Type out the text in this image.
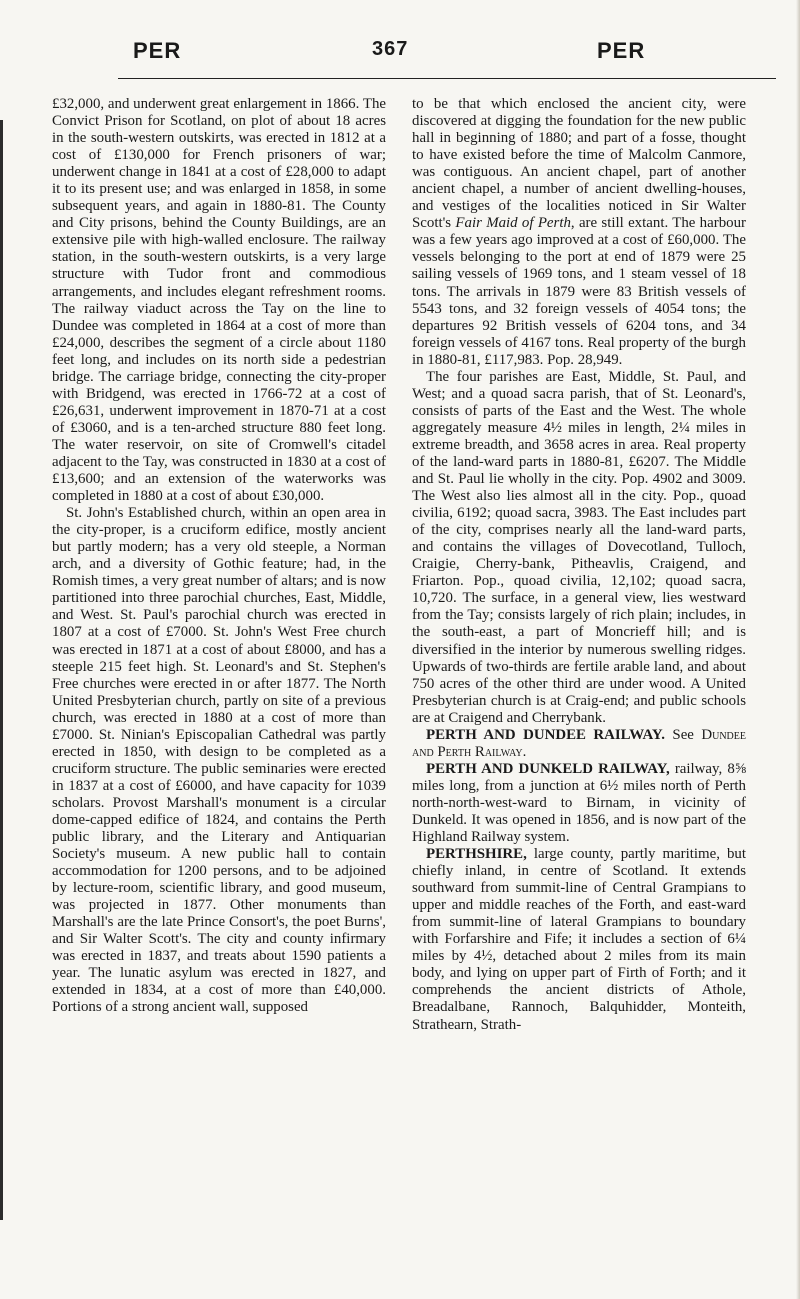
PER	367	PER

£32,000, and underwent great enlargement in 1866. The Convict Prison for Scotland, on plot of about 18 acres in the south-western outskirts, was erected in 1812 at a cost of £130,000 for French prisoners of war; underwent change in 1841 at a cost of £28,000 to adapt it to its present use; and was enlarged in 1858, in some subsequent years, and again in 1880-81. The County and City prisons, behind the County Buildings, are an extensive pile with high-walled enclosure. The railway station, in the south-western outskirts, is a very large structure with Tudor front and commodious arrangements, and includes elegant refreshment rooms. The railway viaduct across the Tay on the line to Dundee was completed in 1864 at a cost of more than £24,000, describes the segment of a circle about 1180 feet long, and includes on its north side a pedestrian bridge. The carriage bridge, connecting the city-proper with Bridgend, was erected in 1766-72 at a cost of £26,631, underwent improvement in 1870-71 at a cost of £3060, and is a ten-arched structure 880 feet long. The water reservoir, on site of Cromwell's citadel adjacent to the Tay, was constructed in 1830 at a cost of £13,600; and an extension of the waterworks was completed in 1880 at a cost of about £30,000.

St. John's Established church, within an open area in the city-proper, is a cruciform edifice, mostly ancient but partly modern; has a very old steeple, a Norman arch, and a diversity of Gothic feature; had, in the Romish times, a very great number of altars; and is now partitioned into three parochial churches, East, Middle, and West. St. Paul's parochial church was erected in 1807 at a cost of £7000. St. John's West Free church was erected in 1871 at a cost of about £8000, and has a steeple 215 feet high. St. Leonard's and St. Stephen's Free churches were erected in or after 1877. The North United Presbyterian church, partly on site of a previous church, was erected in 1880 at a cost of more than £7000. St. Ninian's Episcopalian Cathedral was partly erected in 1850, with design to be completed as a cruciform structure. The public seminaries were erected in 1837 at a cost of £6000, and have capacity for 1039 scholars. Provost Marshall's monument is a circular dome-capped edifice of 1824, and contains the Perth public library, and the Literary and Antiquarian Society's museum. A new public hall to contain accommodation for 1200 persons, and to be adjoined by lecture-room, scientific library, and good museum, was projected in 1877. Other monuments than Marshall's are the late Prince Consort's, the poet Burns', and Sir Walter Scott's. The city and county infirmary was erected in 1837, and treats about 1590 patients a year. The lunatic asylum was erected in 1827, and extended in 1834, at a cost of more than £40,000. Portions of a strong ancient wall, supposed

to be that which enclosed the ancient city, were discovered at digging the foundation for the new public hall in beginning of 1880; and part of a fosse, thought to have existed before the time of Malcolm Canmore, was contiguous. An ancient chapel, part of another ancient chapel, a number of ancient dwelling-houses, and vestiges of the localities noticed in Sir Walter Scott's Fair Maid of Perth, are still extant. The harbour was a few years ago improved at a cost of £60,000. The vessels belonging to the port at end of 1879 were 25 sailing vessels of 1969 tons, and 1 steam vessel of 18 tons. The arrivals in 1879 were 83 British vessels of 5543 tons, and 32 foreign vessels of 4054 tons; the departures 92 British vessels of 6204 tons, and 34 foreign vessels of 4167 tons. Real property of the burgh in 1880-81, £117,983. Pop. 28,949.

The four parishes are East, Middle, St. Paul, and West; and a quoad sacra parish, that of St. Leonard's, consists of parts of the East and the West. The whole aggregately measure 4½ miles in length, 2¼ miles in extreme breadth, and 3658 acres in area. Real property of the land-ward parts in 1880-81, £6207. The Middle and St. Paul lie wholly in the city. Pop. 4902 and 3009. The West also lies almost all in the city. Pop., quoad civilia, 6192; quoad sacra, 3983. The East includes part of the city, comprises nearly all the land-ward parts, and contains the villages of Dovecotland, Tulloch, Craigie, Cherry-bank, Pitheavlis, Craigend, and Friarton. Pop., quoad civilia, 12,102; quoad sacra, 10,720. The surface, in a general view, lies westward from the Tay; consists largely of rich plain; includes, in the south-east, a part of Moncrieff hill; and is diversified in the interior by numerous swelling ridges. Upwards of two-thirds are fertile arable land, and about 750 acres of the other third are under wood. A United Presbyterian church is at Craig-end; and public schools are at Craigend and Cherrybank.

PERTH AND DUNDEE RAILWAY. See Dundee and Perth Railway.

PERTH AND DUNKELD RAILWAY, railway, 8⅝ miles long, from a junction at 6½ miles north of Perth north-north-west-ward to Birnam, in vicinity of Dunkeld. It was opened in 1856, and is now part of the Highland Railway system.

PERTHSHIRE, large county, partly maritime, but chiefly inland, in centre of Scotland. It extends southward from summit-line of Central Grampians to upper and middle reaches of the Forth, and east-ward from summit-line of lateral Grampians to boundary with Forfarshire and Fife; it includes a section of 6¼ miles by 4½, detached about 2 miles from its main body, and lying on upper part of Firth of Forth; and it comprehends the ancient districts of Athole, Breadalbane, Rannoch, Balquhidder, Monteith, Strathearn, Strath-
